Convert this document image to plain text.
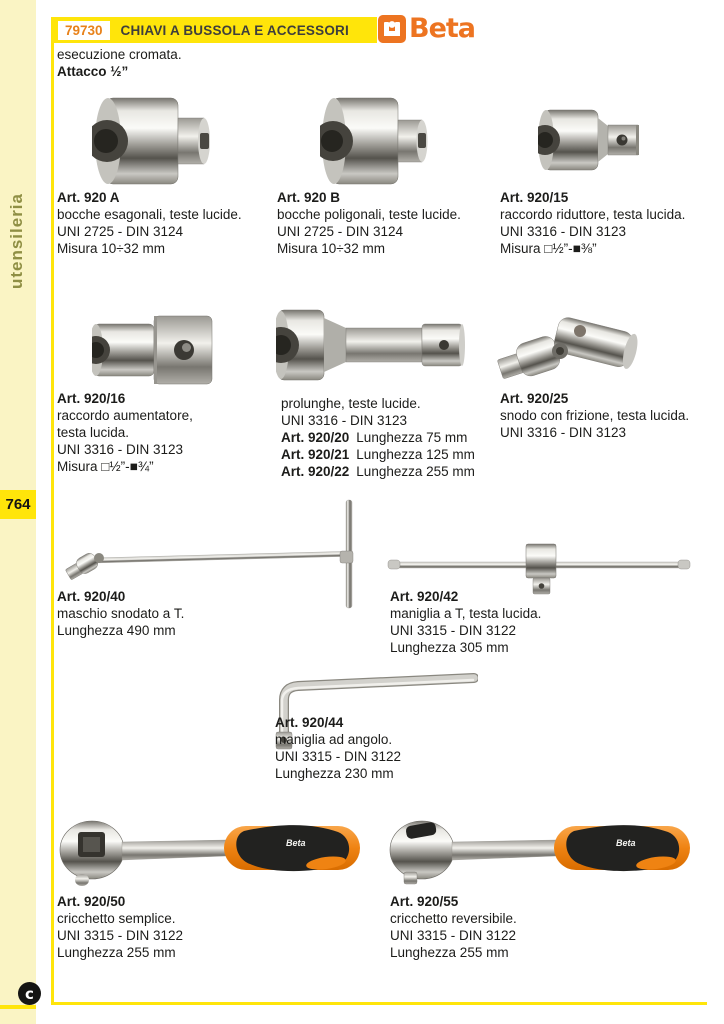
utensileria
764
79730	CHIAVI A BUSSOLA E ACCESSORI Beta
esecuzione cromata.
Attacco ½”
Art. 920 A
bocche esagonali, teste lucide.
UNI 2725 - DIN 3124
Misura 10÷32 mm
Art. 920 B
bocche poligonali, teste lucide.
UNI 2725 - DIN 3124
Misura 10÷32 mm
Art. 920/15
raccordo riduttore, testa lucida.
UNI 3316 - DIN 3123
Misura □½”-■⅜”
Art. 920/16
raccordo aumentatore,
testa lucida.
UNI 3316 - DIN 3123
Misura □½”-■¾”
prolunghe, teste lucide.
UNI 3316 - DIN 3123
Art. 920/20 Lunghezza 75 mm
Art. 920/21 Lunghezza 125 mm
Art. 920/22 Lunghezza 255 mm
Art. 920/25
snodo con frizione, testa lucida.
UNI 3316 - DIN 3123
Art. 920/40
maschio snodato a T.
Lunghezza 490 mm
Art. 920/42
maniglia a T, testa lucida.
UNI 3315 - DIN 3122
Lunghezza 305 mm
Art. 920/44
maniglia ad angolo.
UNI 3315 - DIN 3122
Lunghezza 230 mm
Beta
Art. 920/50
cricchetto semplice.
UNI 3315 - DIN 3122
Lunghezza 255 mm
Beta
Art. 920/55
cricchetto reversibile.
UNI 3315 - DIN 3122
Lunghezza 255 mm
c
